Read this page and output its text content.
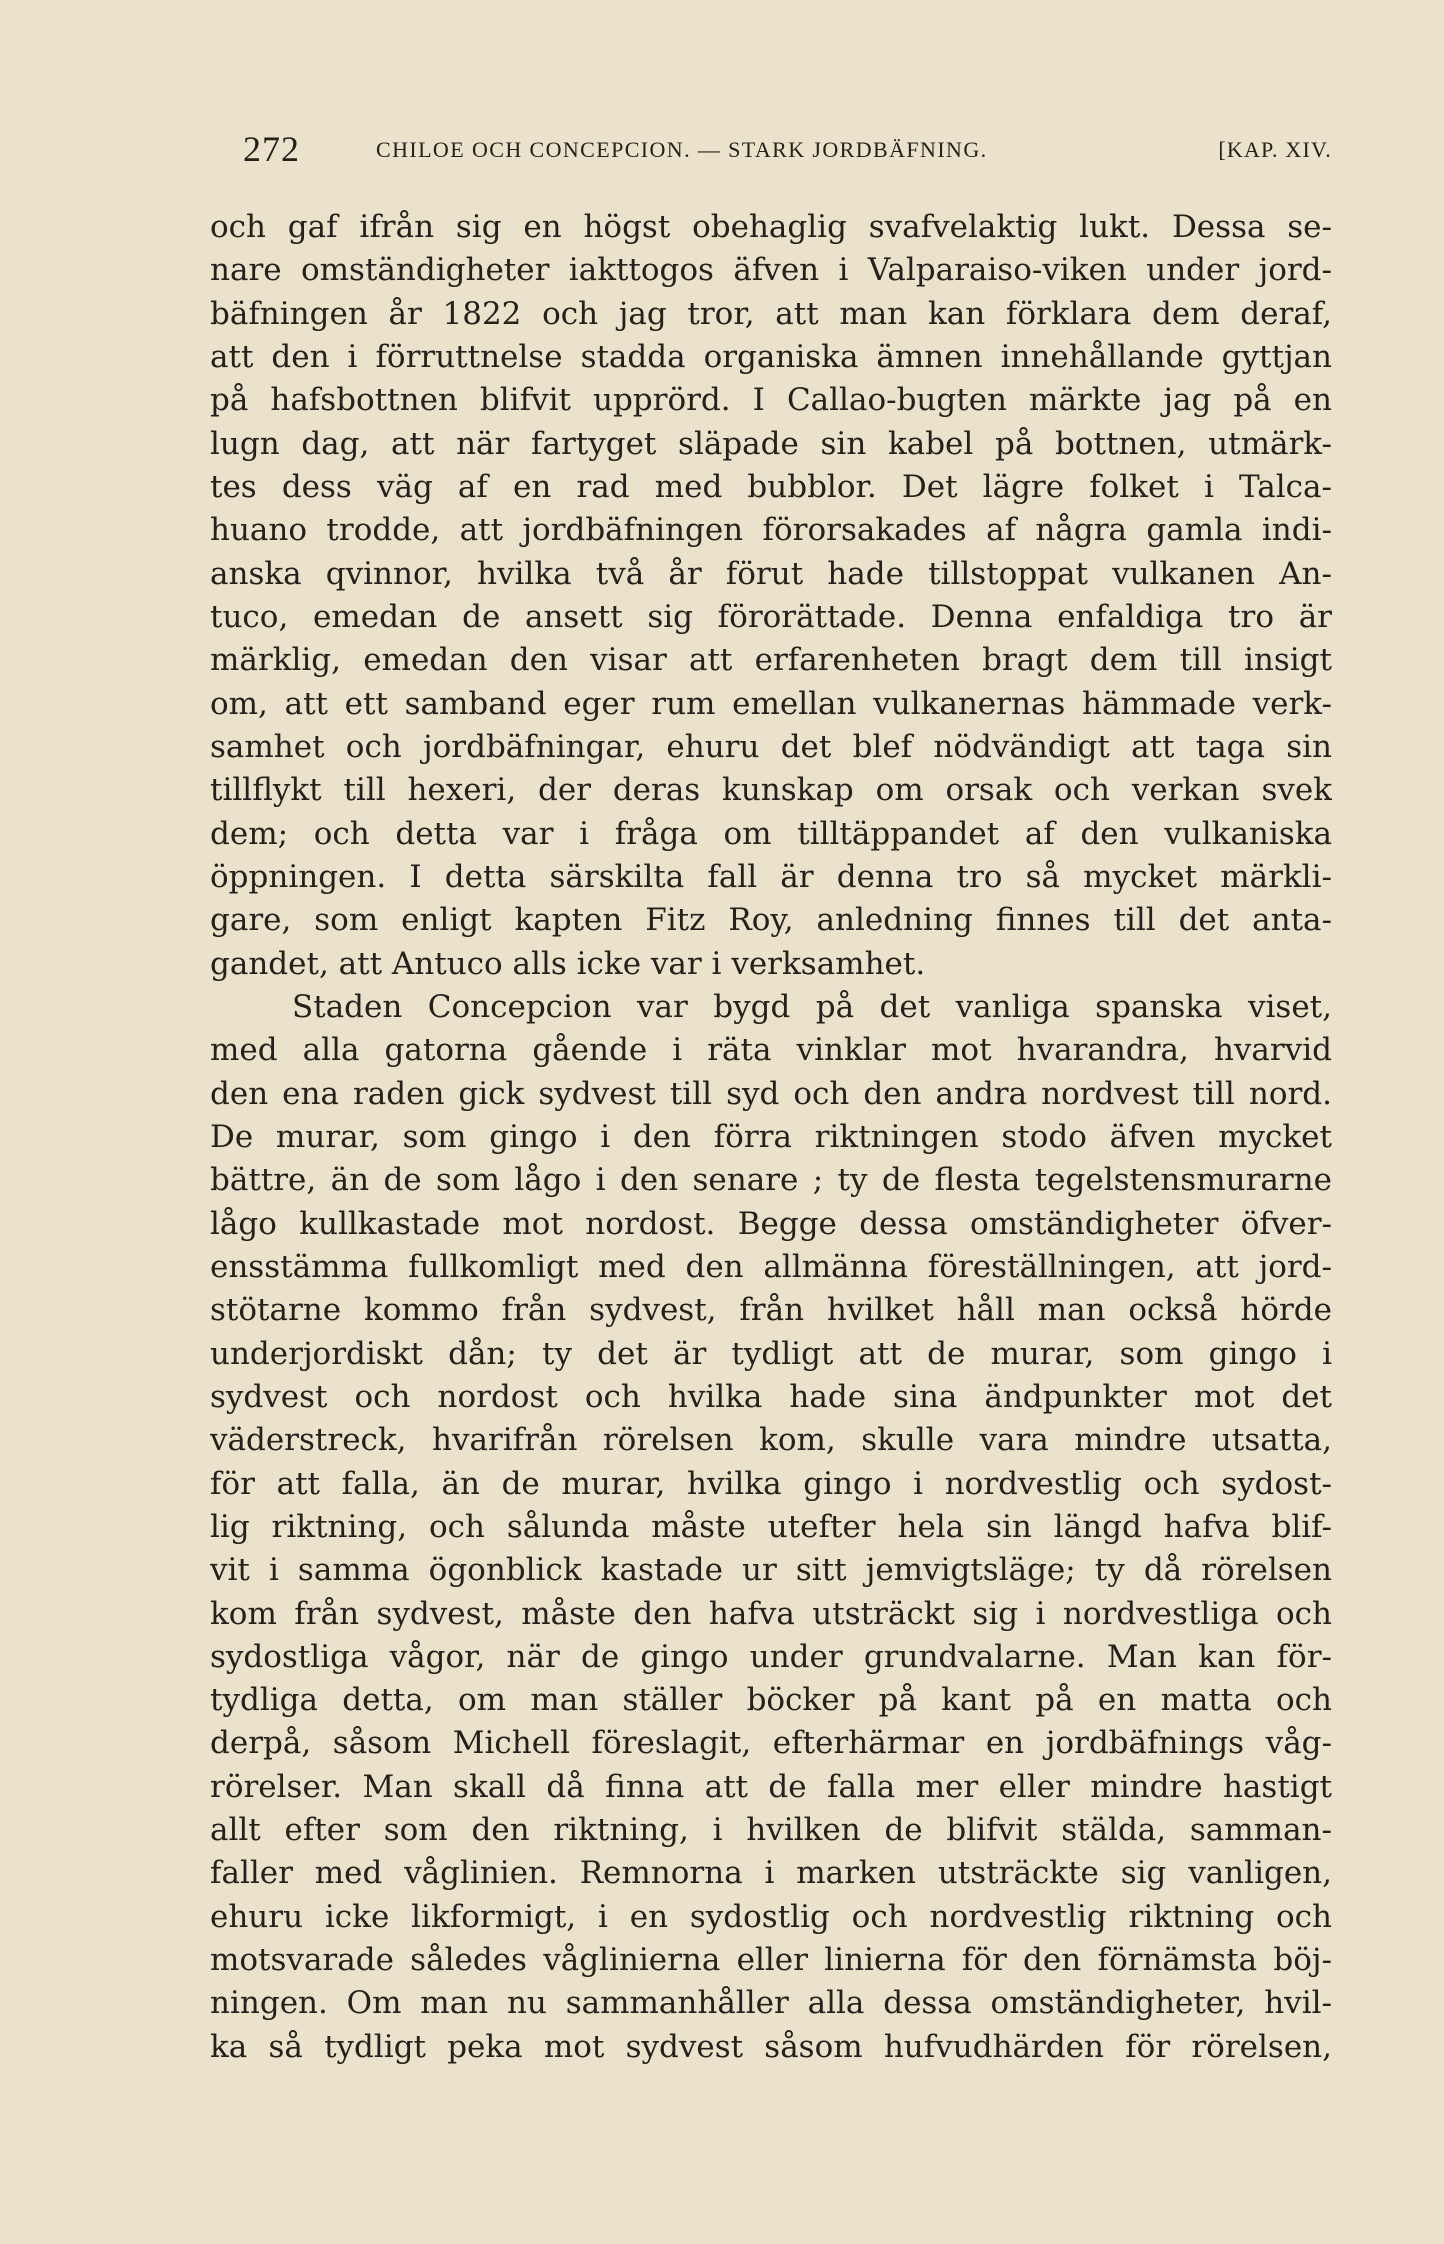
272	CHILOE OCH CONCEPCION. — STARK JORDBÄFNING.	[KAP. XIV.
och gaf ifrån sig en högst obehaglig svafvelaktig lukt. Dessa se-
nare omständigheter iakttogos äfven i Valparaiso-viken under jord-
bäfningen år 1822 och jag tror, att man kan förklara dem deraf,
att den i förruttnelse stadda organiska ämnen innehållande gyttjan
på hafsbottnen blifvit upprörd. I Callao-bugten märkte jag på en
lugn dag, att när fartyget släpade sin kabel på bottnen, utmärk-
tes dess väg af en rad med bubblor. Det lägre folket i Talca-
huano trodde, att jordbäfningen förorsakades af några gamla indi-
anska qvinnor, hvilka två år förut hade tillstoppat vulkanen An-
tuco, emedan de ansett sig förorättade. Denna enfaldiga tro är
märklig, emedan den visar att erfarenheten bragt dem till insigt
om, att ett samband eger rum emellan vulkanernas hämmade verk-
samhet och jordbäfningar, ehuru det blef nödvändigt att taga sin
tillflykt till hexeri, der deras kunskap om orsak och verkan svek
dem; och detta var i fråga om tilltäppandet af den vulkaniska
öppningen. I detta särskilta fall är denna tro så mycket märkli-
gare, som enligt kapten Fitz Roy, anledning finnes till det anta-
gandet, att Antuco alls icke var i verksamhet.
Staden Concepcion var bygd på det vanliga spanska viset,
med alla gatorna gående i räta vinklar mot hvarandra, hvarvid
den ena raden gick sydvest till syd och den andra nordvest till nord.
De murar, som gingo i den förra riktningen stodo äfven mycket
bättre, än de som lågo i den senare ; ty de flesta tegelstensmurarne
lågo kullkastade mot nordost. Begge dessa omständigheter öfver-
ensstämma fullkomligt med den allmänna föreställningen, att jord-
stötarne kommo från sydvest, från hvilket håll man också hörde
underjordiskt dån; ty det är tydligt att de murar, som gingo i
sydvest och nordost och hvilka hade sina ändpunkter mot det
väderstreck, hvarifrån rörelsen kom, skulle vara mindre utsatta,
för att falla, än de murar, hvilka gingo i nordvestlig och sydost-
lig riktning, och sålunda måste utefter hela sin längd hafva blif-
vit i samma ögonblick kastade ur sitt jemvigtsläge; ty då rörelsen
kom från sydvest, måste den hafva utsträckt sig i nordvestliga och
sydostliga vågor, när de gingo under grundvalarne. Man kan för-
tydliga detta, om man ställer böcker på kant på en matta och
derpå, såsom Michell föreslagit, efterhärmar en jordbäfnings våg-
rörelser. Man skall då finna att de falla mer eller mindre hastigt
allt efter som den riktning, i hvilken de blifvit stälda, samman-
faller med våglinien. Remnorna i marken utsträckte sig vanligen,
ehuru icke likformigt, i en sydostlig och nordvestlig riktning och
motsvarade således våglinierna eller linierna för den förnämsta böj-
ningen. Om man nu sammanhåller alla dessa omständigheter, hvil-
ka så tydligt peka mot sydvest såsom hufvudhärden för rörelsen,
